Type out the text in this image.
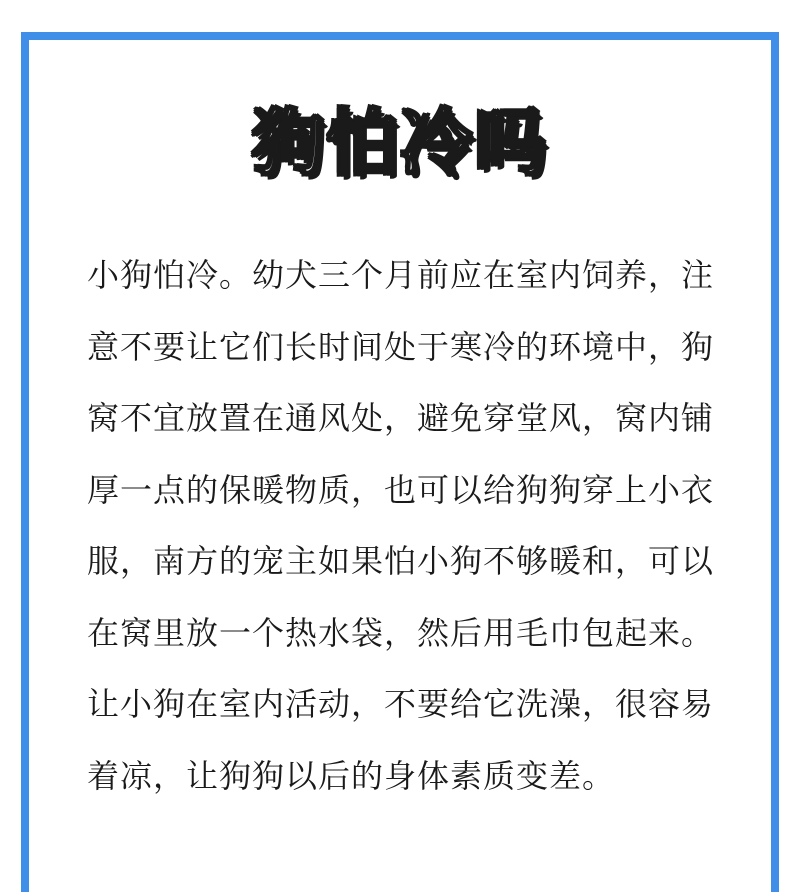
狗怕冷吗

小狗怕冷。幼犬三个月前应在室内饲养，注意不要让它们长时间处于寒冷的环境中，狗窝不宜放置在通风处，避免穿堂风，窝内铺厚一点的保暖物质，也可以给狗狗穿上小衣服，南方的宠主如果怕小狗不够暖和，可以在窝里放一个热水袋，然后用毛巾包起来。让小狗在室内活动，不要给它洗澡，很容易着凉，让狗狗以后的身体素质变差。
